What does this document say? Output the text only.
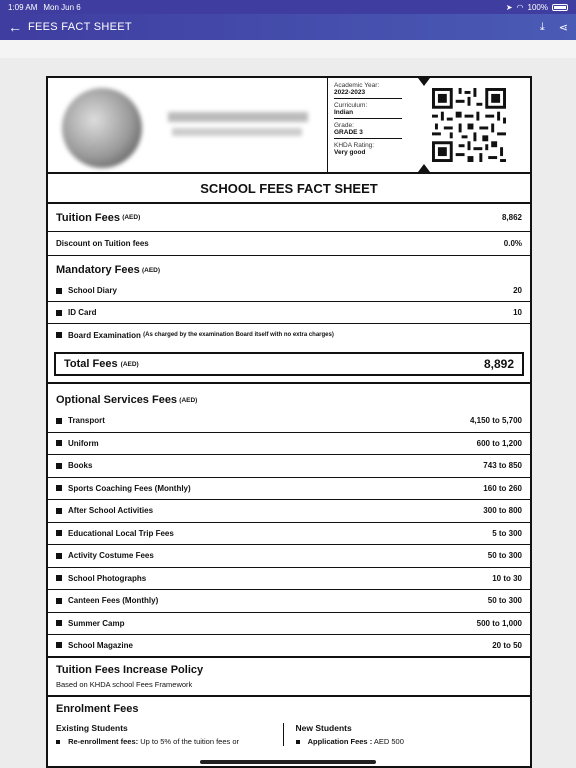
1:09 AM Mon Jun 6	➤ ◠ 100%
← FEES FACT SHEET	⤓ ⋖
Academic Year:
2022-2023
Curriculum:
Indian
Grade:
GRADE 3
KHDA Rating:
Very good
SCHOOL FEES FACT SHEET
Tuition Fees
(AED)	8,862
Discount on Tuition fees	0.0%
Mandatory Fees
(AED)
School Diary	20
ID Card	10
Board Examination
(As charged by the examination Board itself with no extra charges)
Total Fees
(AED)	8,892
Optional Services Fees
(AED)
Transport	4,150 to 5,700
Uniform	600 to 1,200
Books	743 to 850
Sports Coaching Fees (Monthly)	160 to 260
After School Activities	300 to 800
Educational Local Trip Fees	5 to 300
Activity Costume Fees	50 to 300
School Photographs	10 to 30
Canteen Fees (Monthly)	50 to 300
Summer Camp	500 to 1,000
School Magazine	20 to 50
Tuition Fees Increase Policy
Based on KHDA school Fees Framework
Enrolment Fees
Existing Students
Re-enrollment fees: Up to 5% of the tuition fees or
New Students
Application Fees : AED 500
